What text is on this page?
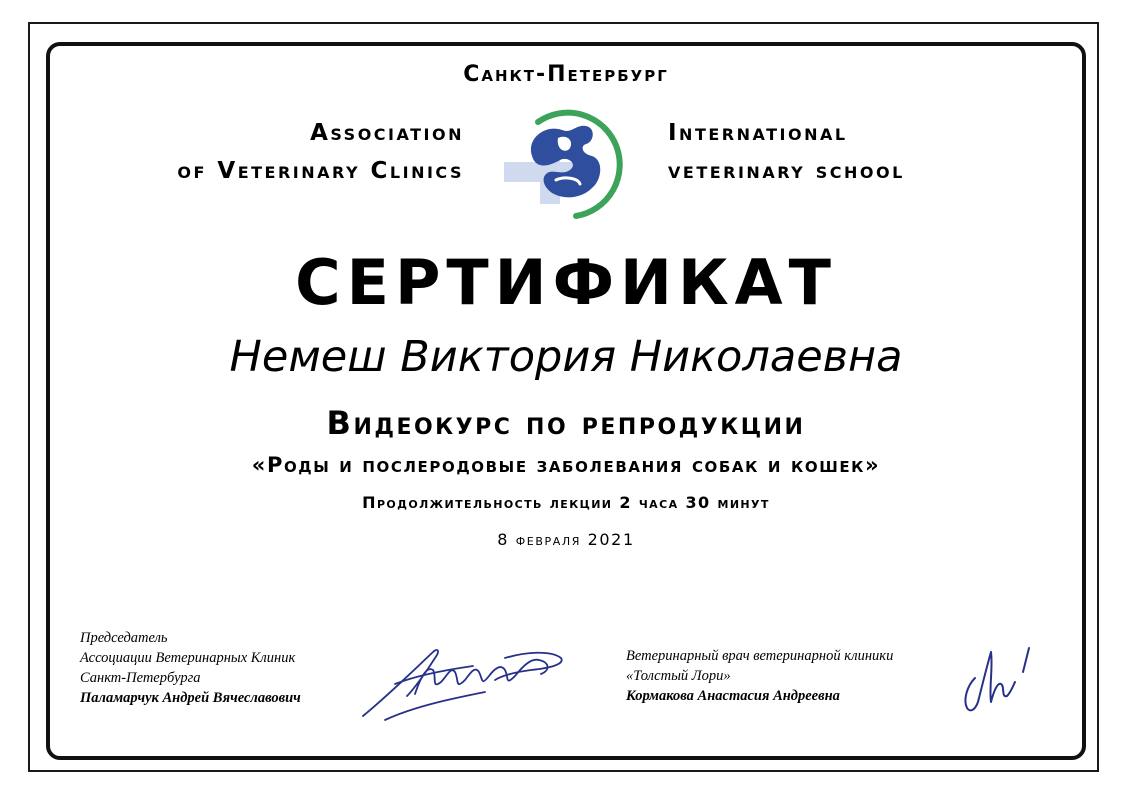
Санкт-Петербург
Association
of Veterinary Clinics
International
veterinary school
СЕРТИФИКАТ
Немеш Виктория Николаевна
Видеокурс по репродукции
«Роды и послеродовые заболевания собак и кошек»
Продолжительность лекции 2 часа 30 минут
8 февраля 2021
Председатель
Ассоциации Ветеринарных Клиник
Санкт-Петербурга
Паламарчук Андрей Вячеславович
Ветеринарный врач ветеринарной клиники
«Толстый Лори»
Кормакова Анастасия Андреевна
